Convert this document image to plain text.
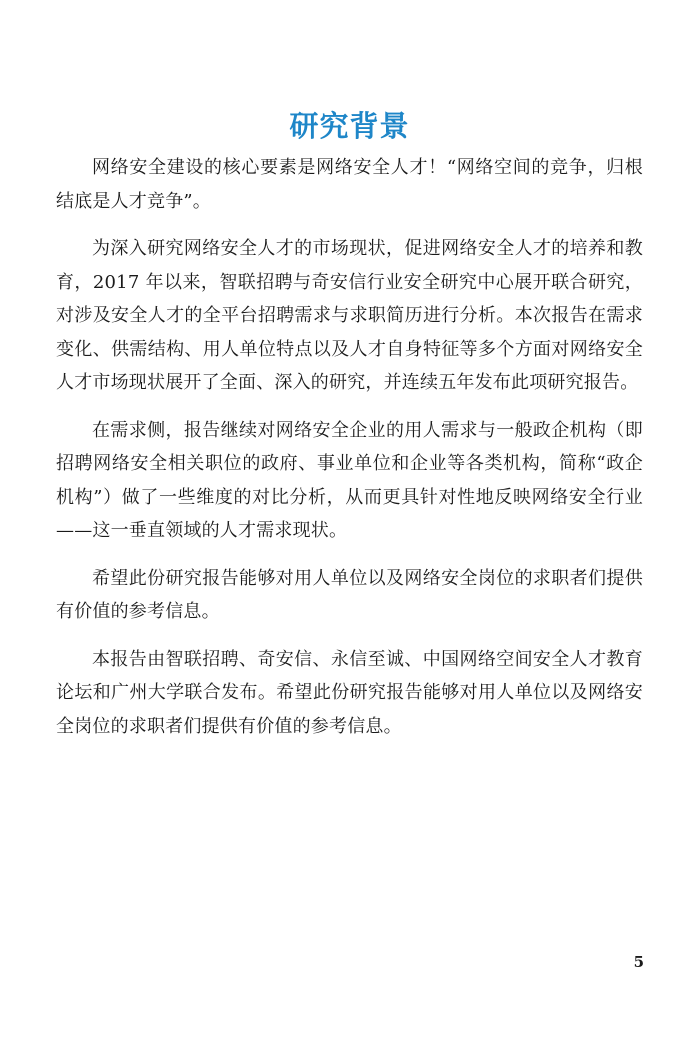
研究背景

网络安全建设的核心要素是网络安全人才！“网络空间的竞争，归根结底是人才竞争”。

为深入研究网络安全人才的市场现状，促进网络安全人才的培养和教育，2017 年以来，智联招聘与奇安信行业安全研究中心展开联合研究，对涉及安全人才的全平台招聘需求与求职简历进行分析。本次报告在需求变化、供需结构、用人单位特点以及人才自身特征等多个方面对网络安全人才市场现状展开了全面、深入的研究，并连续五年发布此项研究报告。

在需求侧，报告继续对网络安全企业的用人需求与一般政企机构（即招聘网络安全相关职位的政府、事业单位和企业等各类机构，简称“政企机构”）做了一些维度的对比分析，从而更具针对性地反映网络安全行业——这一垂直领域的人才需求现状。

希望此份研究报告能够对用人单位以及网络安全岗位的求职者们提供有价值的参考信息。

本报告由智联招聘、奇安信、永信至诚、中国网络空间安全人才教育论坛和广州大学联合发布。希望此份研究报告能够对用人单位以及网络安全岗位的求职者们提供有价值的参考信息。

5
